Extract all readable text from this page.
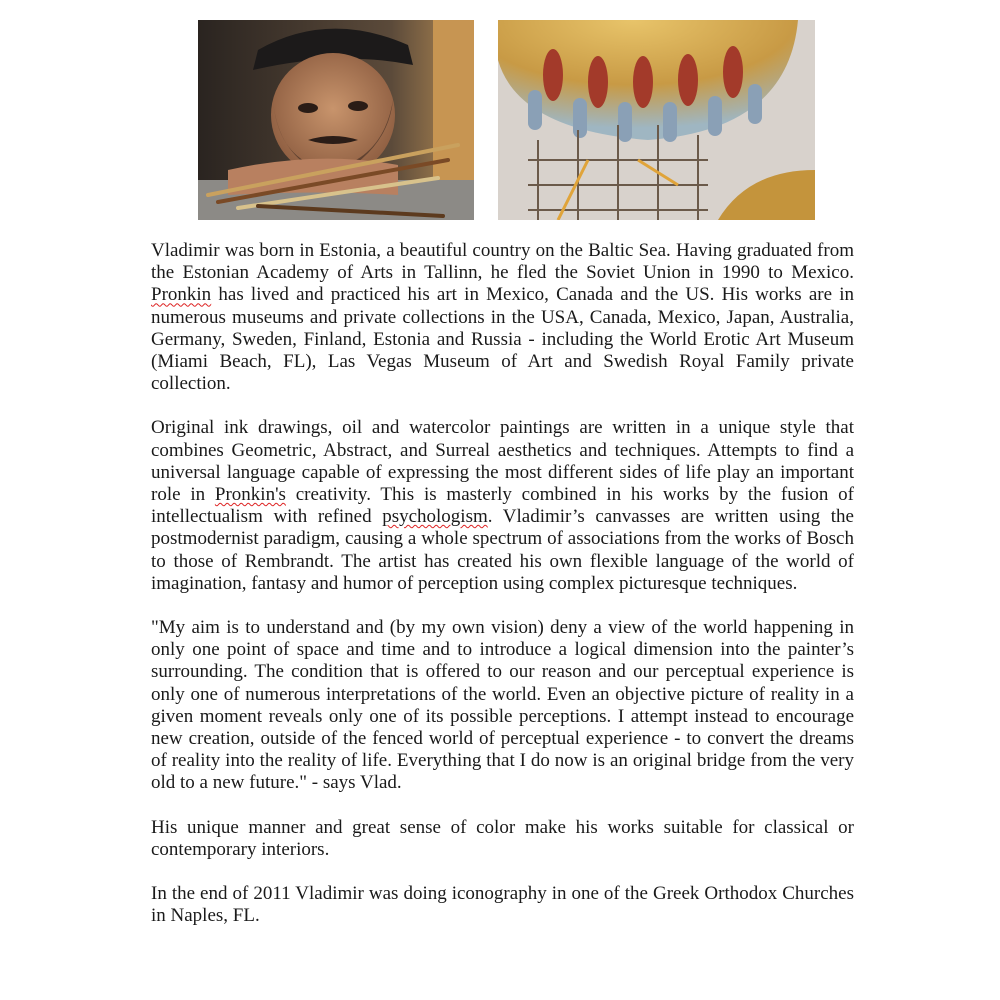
Vladimir was born in Estonia, a beautiful country on the Baltic Sea. Having graduated from the Estonian Academy of Arts in Tallinn, he fled the Soviet Union in 1990 to Mexico. Pronkin has lived and practiced his art in Mexico, Canada and the US. His works are in numerous museums and private collections in the USA, Canada, Mexico, Japan, Australia, Germany, Sweden, Finland, Estonia and Russia - including the World Erotic Art Museum (Miami Beach, FL), Las Vegas Museum of Art and Swedish Royal Family private collection.

Original ink drawings, oil and watercolor paintings are written in a unique style that combines Geometric, Abstract, and Surreal aesthetics and techniques. Attempts to find a universal language capable of expressing the most different sides of life play an important role in Pronkin's creativity. This is masterly combined in his works by the fusion of intellectualism with refined psychologism. Vladimir’s canvasses are written using the postmodernist paradigm, causing a whole spectrum of associations from the works of Bosch to those of Rembrandt. The artist has created his own flexible language of the world of imagination, fantasy and humor of perception using complex picturesque techniques.

"My aim is to understand and (by my own vision) deny a view of the world happening in only one point of space and time and to introduce a logical dimension into the painter’s surrounding. The condition that is offered to our reason and our perceptual experience is only one of numerous interpretations of the world. Even an objective picture of reality in a given moment reveals only one of its possible perceptions. I attempt instead to encourage new creation, outside of the fenced world of perceptual experience - to convert the dreams of reality into the reality of life. Everything that I do now is an original bridge from the very old to a new future." - says Vlad.

His unique manner and great sense of color make his works suitable for classical or contemporary interiors.

In the end of 2011 Vladimir was doing iconography in one of the Greek Orthodox Churches in Naples, FL.
